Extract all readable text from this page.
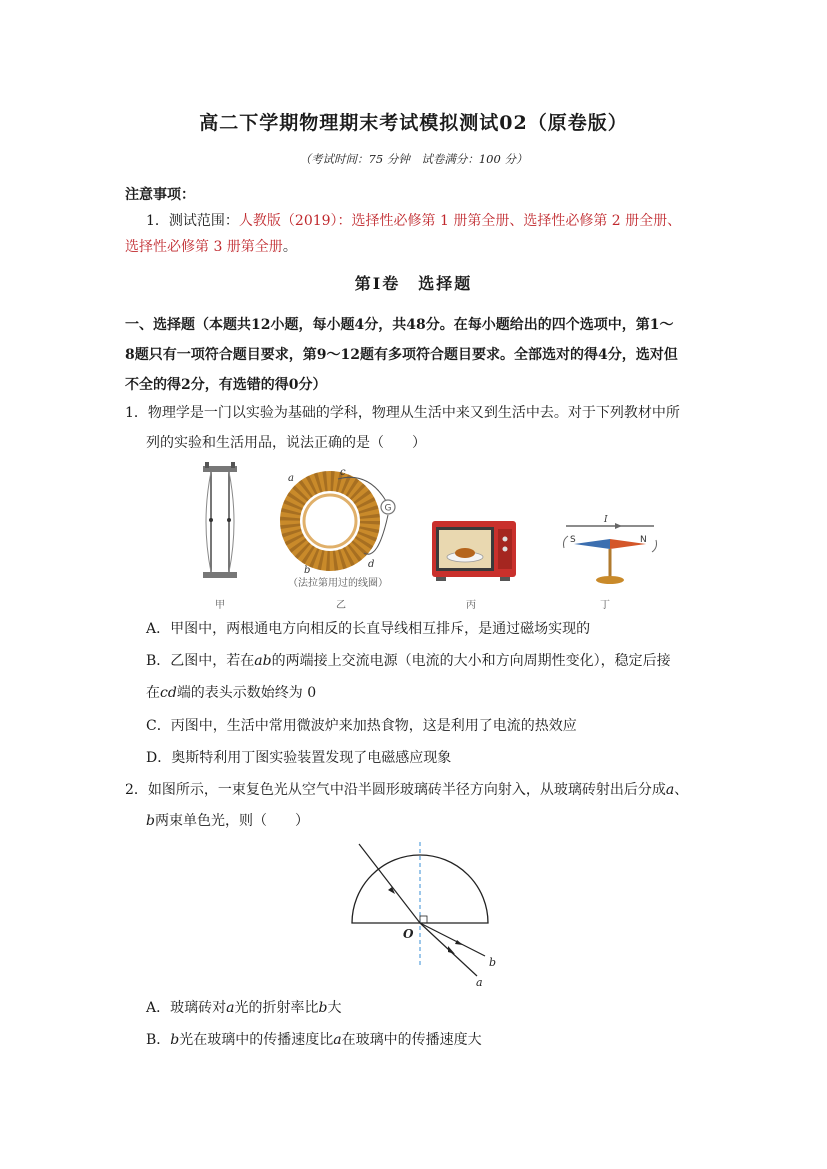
高二下学期物理期末考试模拟测试02（原卷版）
（考试时间：75 分钟　试卷满分：100 分）
注意事项：
1．测试范围：人教版（2019）：选择性必修第 1 册第全册、选择性必修第 2 册全册、
选择性必修第 3 册第全册。
第Ⅰ卷　选择题
一、选择题（本题共12小题，每小题4分，共48分。在每小题给出的四个选项中，第1～
8题只有一项符合题目要求，第9～12题有多项符合题目要求。全部选对的得4分，选对但
不全的得2分，有选错的得0分）
1．物理学是一门以实验为基础的学科，物理从生活中来又到生活中去。对于下列教材中所
列的实验和生活用品，说法正确的是（　　）
甲
G
a
c
b
d
（法拉第用过的线圈）
乙	丙
I
S	N
丁
A．甲图中，两根通电方向相反的长直导线相互排斥，是通过磁场实现的
B．乙图中，若在ab的两端接上交流电源（电流的大小和方向周期性变化），稳定后接
在cd端的表头示数始终为 0
C．丙图中，生活中常用微波炉来加热食物，这是利用了电流的热效应
D．奥斯特利用丁图实验装置发现了电磁感应现象
2．如图所示，一束复色光从空气中沿半圆形玻璃砖半径方向射入，从玻璃砖射出后分成a、
b两束单色光，则（　　）
O
b
a
A．玻璃砖对a光的折射率比b大
B．b光在玻璃中的传播速度比a在玻璃中的传播速度大
